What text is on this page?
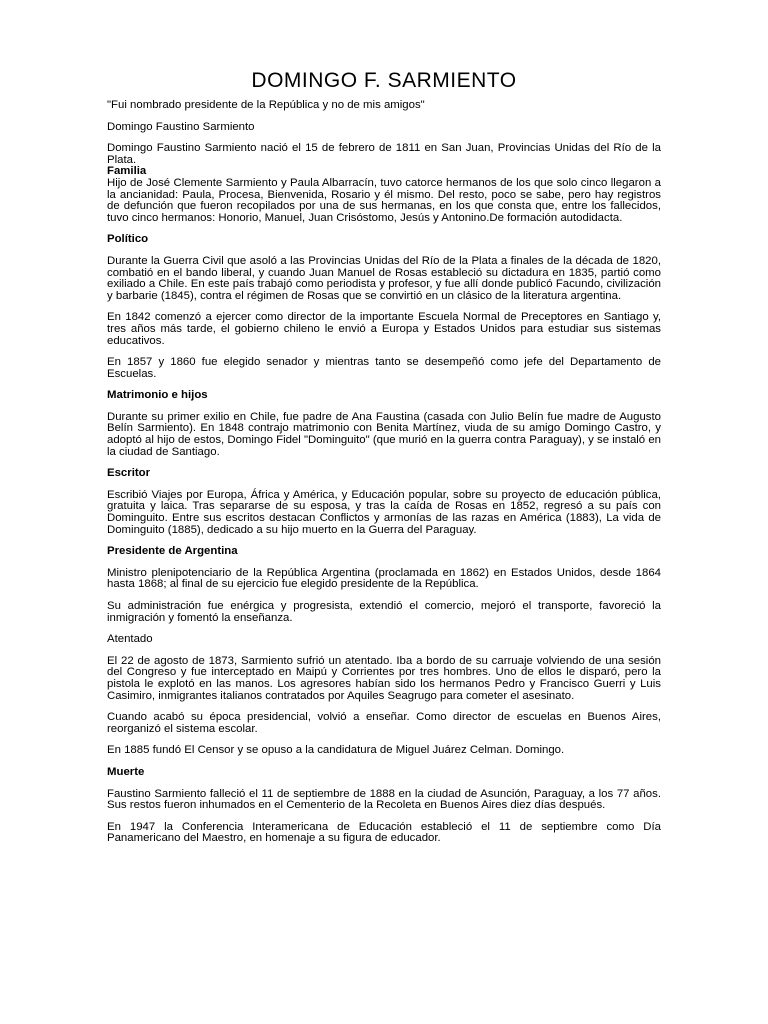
DOMINGO F. SARMIENTO

"Fui nombrado presidente de la República y no de mis amigos"

Domingo Faustino Sarmiento

Domingo Faustino Sarmiento nació el 15 de febrero de 1811 en San Juan, Provincias Unidas del Río de la Plata.

Familia

Hijo de José Clemente Sarmiento y Paula Albarracín, tuvo catorce hermanos de los que solo cinco llegaron a la ancianidad: Paula, Procesa, Bienvenida, Rosario y él mismo. Del resto, poco se sabe, pero hay registros de defunción que fueron recopilados por una de sus hermanas, en los que consta que, entre los fallecidos, tuvo cinco hermanos: Honorio, Manuel, Juan Crisóstomo, Jesús y Antonino.De formación autodidacta.

Político

Durante la Guerra Civil que asoló a las Provincias Unidas del Río de la Plata a finales de la década de 1820, combatió en el bando liberal, y cuando Juan Manuel de Rosas estableció su dictadura en 1835, partió como exiliado a Chile. En este país trabajó como periodista y profesor, y fue allí donde publicó Facundo, civilización y barbarie (1845), contra el régimen de Rosas que se convirtió en un clásico de la literatura argentina.

En 1842 comenzó a ejercer como director de la importante Escuela Normal de Preceptores en Santiago y, tres años más tarde, el gobierno chileno le envió a Europa y Estados Unidos para estudiar sus sistemas educativos.

En 1857 y 1860 fue elegido senador y mientras tanto se desempeñó como jefe del Departamento de Escuelas.

Matrimonio e hijos

Durante su primer exilio en Chile, fue padre de Ana Faustina (casada con Julio Belín fue madre de Augusto Belín Sarmiento). En 1848 contrajo matrimonio con Benita Martínez, viuda de su amigo Domingo Castro, y adoptó al hijo de estos, Domingo Fidel "Dominguito" (que murió en la guerra contra Paraguay), y se instaló en la ciudad de Santiago.

Escritor

Escribió Viajes por Europa, África y América, y Educación popular, sobre su proyecto de educación pública, gratuita y laica. Tras separarse de su esposa, y tras la caída de Rosas en 1852, regresó a su país con Dominguito. Entre sus escritos destacan Conflictos y armonías de las razas en América (1883), La vida de Dominguito (1885), dedicado a su hijo muerto en la Guerra del Paraguay.

Presidente de Argentina

Ministro plenipotenciario de la República Argentina (proclamada en 1862) en Estados Unidos, desde 1864 hasta 1868; al final de su ejercicio fue elegido presidente de la República.

Su administración fue enérgica y progresista, extendió el comercio, mejoró el transporte, favoreció la inmigración y fomentó la enseñanza.

Atentado

El 22 de agosto de 1873, Sarmiento sufrió un atentado. Iba a bordo de su carruaje volviendo de una sesión del Congreso y fue interceptado en Maipú y Corrientes por tres hombres. Uno de ellos le disparó, pero la pistola le explotó en las manos. Los agresores habían sido los hermanos Pedro y Francisco Guerri y Luis Casimiro, inmigrantes italianos contratados por Aquiles Seagrugo para cometer el asesinato.

Cuando acabó su época presidencial, volvió a enseñar. Como director de escuelas en Buenos Aires, reorganizó el sistema escolar.

En 1885 fundó El Censor y se opuso a la candidatura de Miguel Juárez Celman. Domingo.

Muerte

Faustino Sarmiento falleció el 11 de septiembre de 1888 en la ciudad de Asunción, Paraguay, a los 77 años. Sus restos fueron inhumados en el Cementerio de la Recoleta en Buenos Aires diez días después.

En 1947 la Conferencia Interamericana de Educación estableció el 11 de septiembre como Día Panamericano del Maestro, en homenaje a su figura de educador.
